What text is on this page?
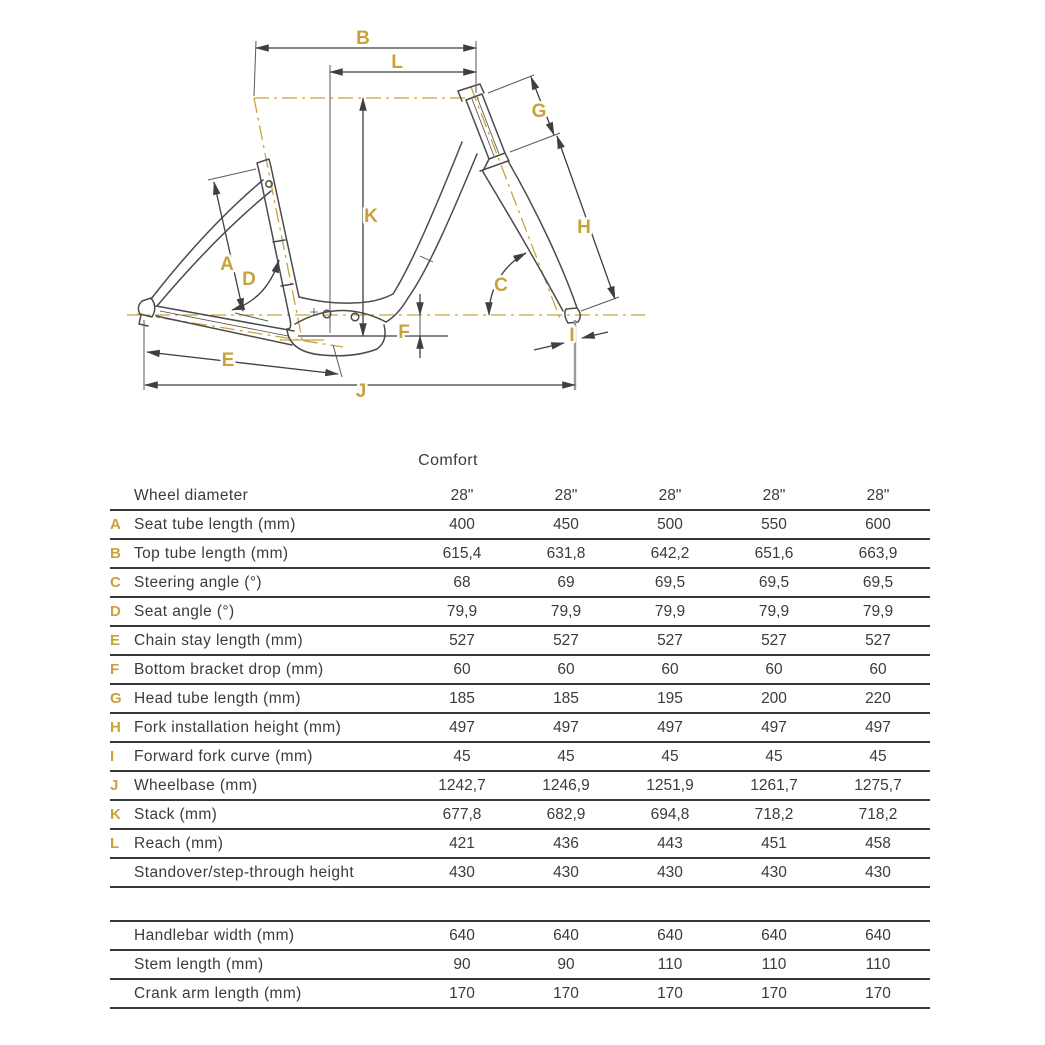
B
L
G
K
H
A
D	C
F	I
E
J
Comfort
Wheel diameter	28"	28"	28"	28"	28"
A Seat tube length (mm)	400	450	500	550	600
B Top tube length (mm)	615,4	631,8	642,2	651,6	663,9
C Steering angle (°)	68	69	69,5	69,5	69,5
D Seat angle (°)	79,9	79,9	79,9	79,9	79,9
E Chain stay length (mm)	527	527	527	527	527
F Bottom bracket drop (mm)	60	60	60	60	60
G Head tube length (mm)	185	185	195	200	220
H Fork installation height (mm)	497	497	497	497	497
I	Forward fork curve (mm)	45	45	45	45	45
J	Wheelbase (mm)	1242,7	1246,9	1251,9	1261,7	1275,7
K Stack (mm)	677,8	682,9	694,8	718,2	718,2
L Reach (mm)	421	436	443	451	458
Standover/step-through height	430	430	430	430	430
Handlebar width (mm)	640	640	640	640	640
Stem length (mm)	90	90	110	110	110
Crank arm length (mm)	170	170	170	170	170
